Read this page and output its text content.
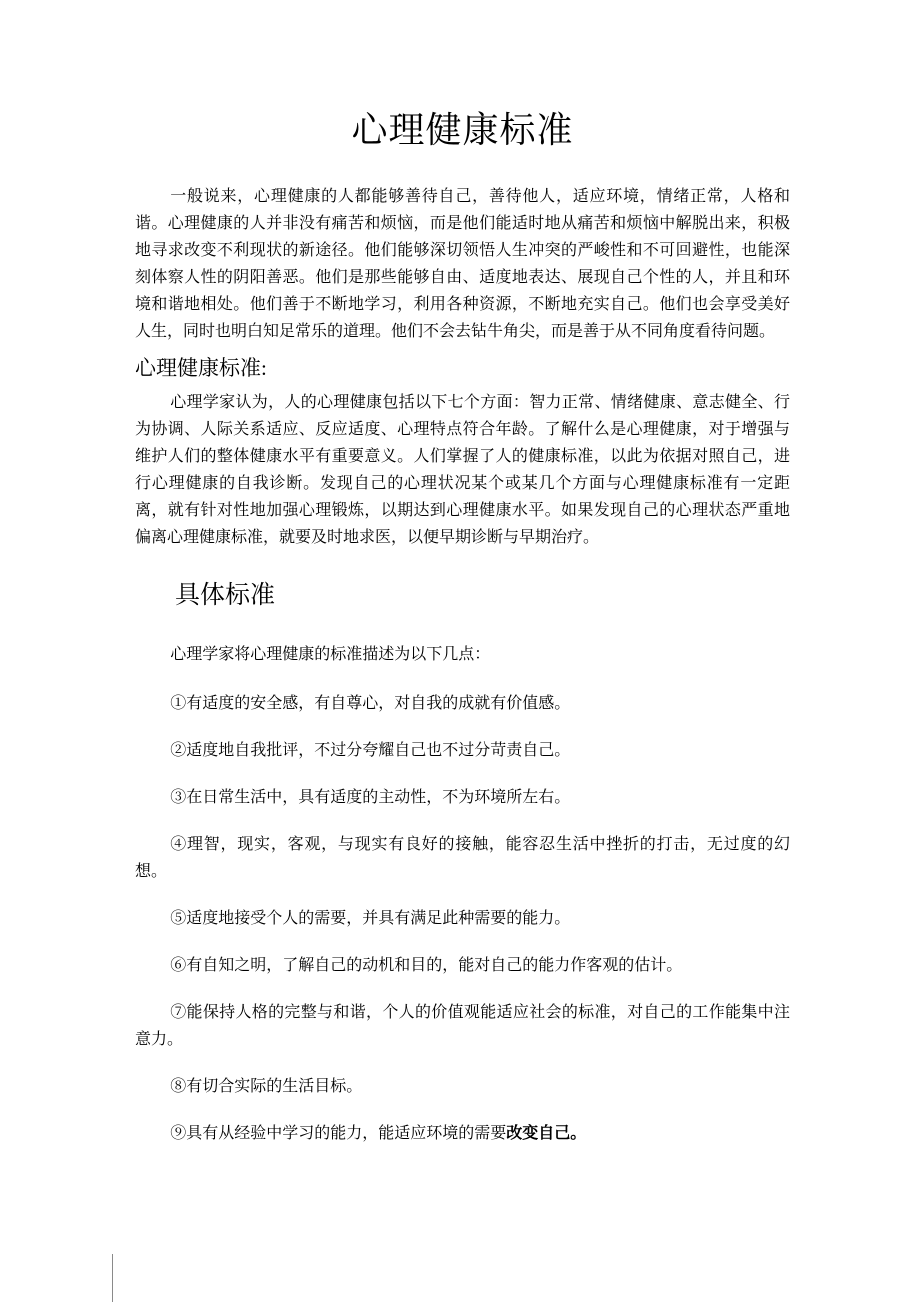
心理健康标准

一般说来，心理健康的人都能够善待自己，善待他人，适应环境，情绪正常，人格和谐。心理健康的人并非没有痛苦和烦恼，而是他们能适时地从痛苦和烦恼中解脱出来，积极地寻求改变不利现状的新途径。他们能够深切领悟人生冲突的严峻性和不可回避性，也能深刻体察人性的阴阳善恶。他们是那些能够自由、适度地表达、展现自己个性的人，并且和环境和谐地相处。他们善于不断地学习，利用各种资源，不断地充实自己。他们也会享受美好人生，同时也明白知足常乐的道理。他们不会去钻牛角尖，而是善于从不同角度看待问题。

心理健康标准:

心理学家认为，人的心理健康包括以下七个方面：智力正常、情绪健康、意志健全、行为协调、人际关系适应、反应适度、心理特点符合年龄。了解什么是心理健康，对于增强与维护人们的整体健康水平有重要意义。人们掌握了人的健康标准，以此为依据对照自己，进行心理健康的自我诊断。发现自己的心理状况某个或某几个方面与心理健康标准有一定距离，就有针对性地加强心理锻炼，以期达到心理健康水平。如果发现自己的心理状态严重地偏离心理健康标准，就要及时地求医，以便早期诊断与早期治疗。

具体标准

心理学家将心理健康的标准描述为以下几点：

①有适度的安全感，有自尊心，对自我的成就有价值感。

②适度地自我批评，不过分夸耀自己也不过分苛责自己。

③在日常生活中，具有适度的主动性，不为环境所左右。

④理智，现实，客观，与现实有良好的接触，能容忍生活中挫折的打击，无过度的幻想。

⑤适度地接受个人的需要，并具有满足此种需要的能力。

⑥有自知之明，了解自己的动机和目的，能对自己的能力作客观的估计。

⑦能保持人格的完整与和谐，个人的价值观能适应社会的标准，对自己的工作能集中注意力。

⑧有切合实际的生活目标。

⑨具有从经验中学习的能力，能适应环境的需要改变自己。
